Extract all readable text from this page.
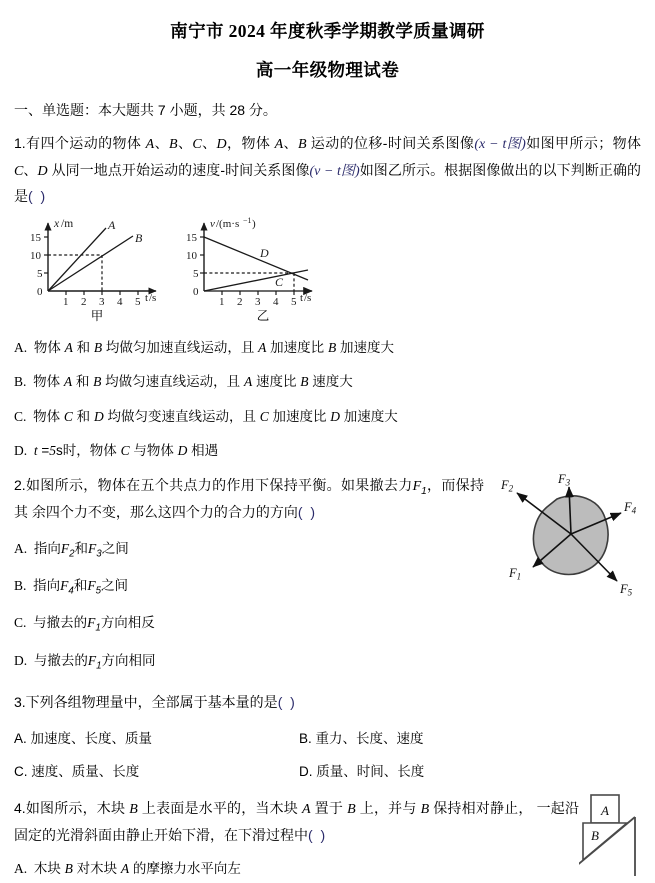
南宁市 2024 年度秋季学期教学质量调研
高一年级物理试卷
一、单选题：本大题共 7 小题，共 28 分。
1.有四个运动的物体 A、B、C、D，物体 A、B 运动的位移-时间关系图像(x − t图)如图甲所示；物体 C、D 从同一地点开始运动的速度-时间关系图像(v − t图)如图乙所示。根据图像做出的以下判断正确的是(  )
x /m
t /s
15
10
5
0
1 2 3 4 5
A
B
甲
v /(m·s −1 )
t /s
15
10
5
0
1 2 3 4 5
D
C
乙
A. 物体 A 和 B 均做匀加速直线运动，且 A 加速度比 B 加速度大
B. 物体 A 和 B 均做匀速直线运动，且 A 速度比 B 速度大
C. 物体 C 和 D 均做匀变速直线运动，且 C 加速度比 D 加速度大
D. t =5s时，物体 C 与物体 D 相遇
$F_2$
$F_3$
$F_4$
$F_1$
$F_5$
2.如图所示，物体在五个共点力的作用下保持平衡。如果撤去力$F_1$，而保持其 余四个力不变，那么这四个力的合力的方向(  )
A. 指向$F_2$和$F_3$之间
B. 指向$F_4$和$F_5$之间
C. 与撤去的$F_1$方向相反
D. 与撤去的$F_1$方向相同
3.下列各组物理量中，全部属于基本量的是(  )
A. 加速度、长度、质量	B. 重力、长度、速度
C. 速度、质量、长度	D. 质量、时间、长度
A
B
4.如图所示，木块 B 上表面是水平的，当木块 A 置于 B 上，并与 B 保持相对静止， 一起沿固定的光滑斜面由静止开始下滑，在下滑过程中(  )
A. 木块 B 对木块 A 的摩擦力水平向左
